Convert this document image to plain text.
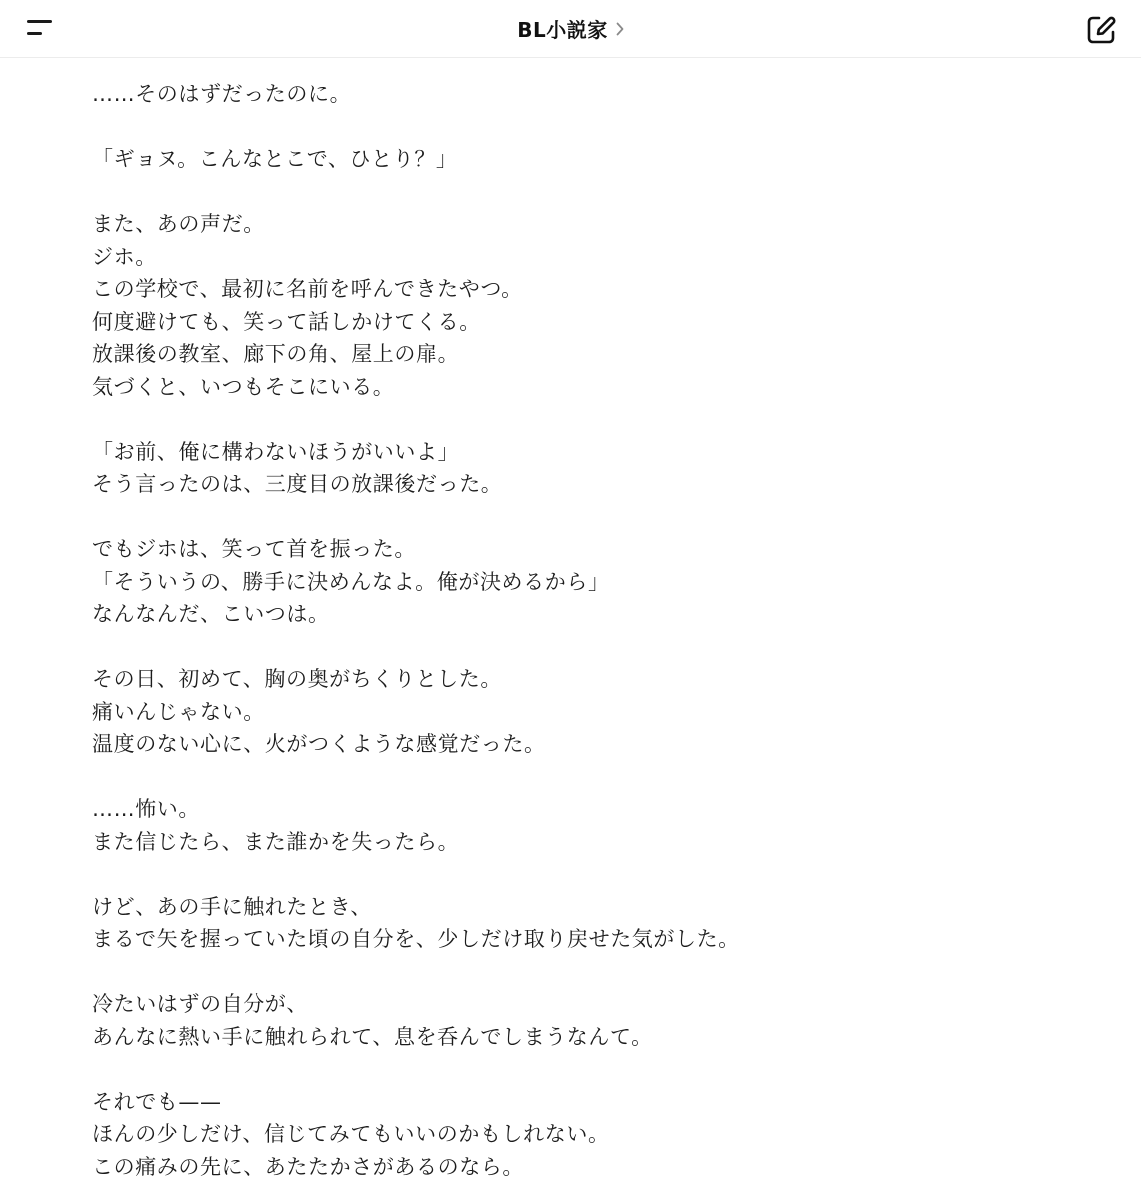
BL小説家
……そのはずだったのに。
「ギョヌ。こんなとこで、ひとり？」
また、あの声だ。
ジホ。
この学校で、最初に名前を呼んできたやつ。
何度避けても、笑って話しかけてくる。
放課後の教室、廊下の角、屋上の扉。
気づくと、いつもそこにいる。
「お前、俺に構わないほうがいいよ」
そう言ったのは、三度目の放課後だった。
でもジホは、笑って首を振った。
「そういうの、勝手に決めんなよ。俺が決めるから」
なんなんだ、こいつは。
その日、初めて、胸の奥がちくりとした。
痛いんじゃない。
温度のない心に、火がつくような感覚だった。
……怖い。
また信じたら、また誰かを失ったら。
けど、あの手に触れたとき、
まるで矢を握っていた頃の自分を、少しだけ取り戻せた気がした。
冷たいはずの自分が、
あんなに熱い手に触れられて、息を呑んでしまうなんて。
それでも——
ほんの少しだけ、信じてみてもいいのかもしれない。
この痛みの先に、あたたかさがあるのなら。
